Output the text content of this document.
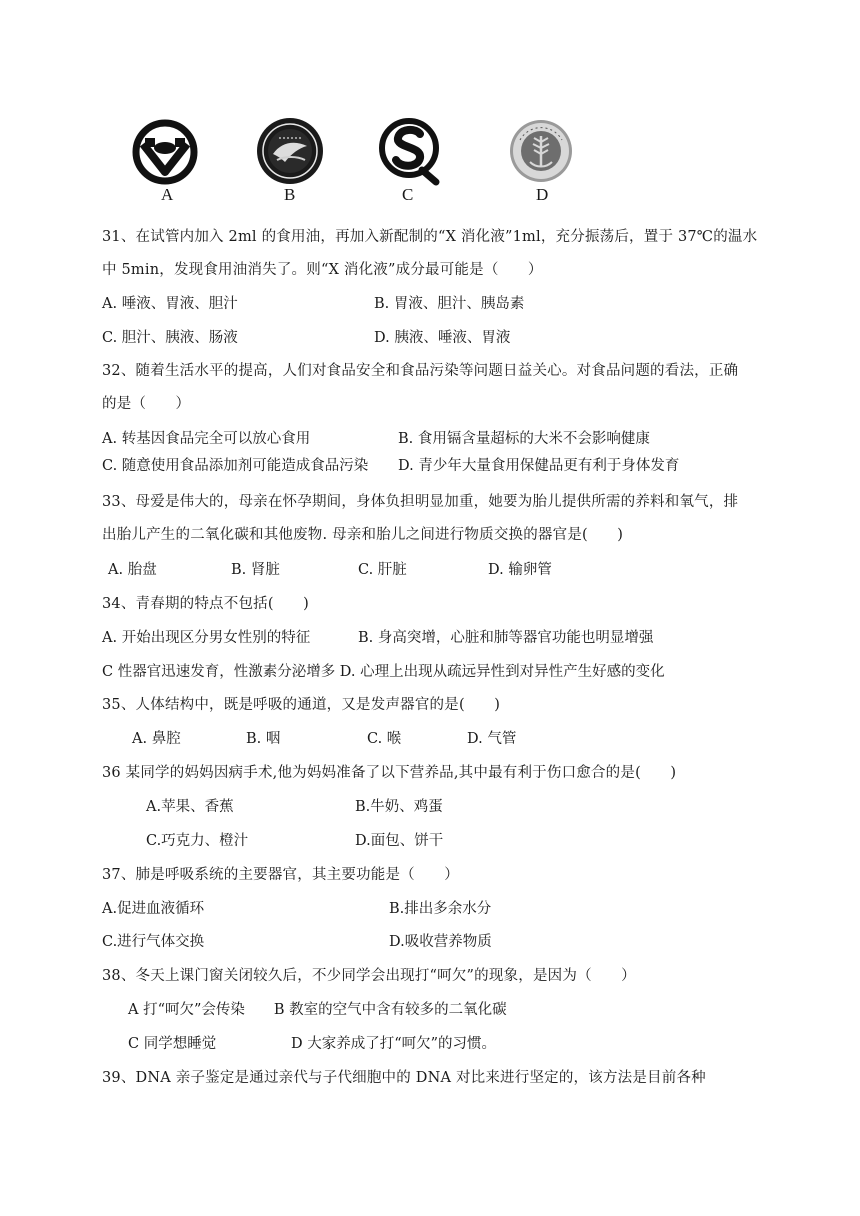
A	B	C	D
31、在试管内加入 2ml 的食用油，再加入新配制的“X 消化液”1ml，充分振荡后，置于 37℃的温水
中 5min，发现食用油消失了。则“X 消化液”成分最可能是（　　）
A. 唾液、胃液、胆汁	B. 胃液、胆汁、胰岛素
C. 胆汁、胰液、肠液	D. 胰液、唾液、胃液
32、随着生活水平的提高，人们对食品安全和食品污染等问题日益关心。对食品问题的看法，正确
的是（　　）
A. 转基因食品完全可以放心食用	B. 食用镉含量超标的大米不会影响健康
C. 随意使用食品添加剂可能造成食品污染 D. 青少年大量食用保健品更有利于身体发育
33、母爱是伟大的，母亲在怀孕期间，身体负担明显加重，她要为胎儿提供所需的养料和氧气，排
出胎儿产生的二氧化碳和其他废物. 母亲和胎儿之间进行物质交换的器官是(　　)
A. 胎盘	B. 肾脏	C. 肝脏	D. 输卵管
34、青春期的特点不包括(　　)
A. 开始出现区分男女性别的特征	B. 身高突增，心脏和肺等器官功能也明显增强
C 性器官迅速发育，性激素分泌增多 D. 心理上出现从疏远异性到对异性产生好感的变化
35、人体结构中，既是呼吸的通道，又是发声器官的是(　　)
A. 鼻腔	B. 咽	C. 喉	D. 气管
36 某同学的妈妈因病手术,他为妈妈准备了以下营养品,其中最有利于伤口愈合的是(　　)
A.苹果、香蕉	B.牛奶、鸡蛋
C.巧克力、橙汁	D.面包、饼干
37、肺是呼吸系统的主要器官，其主要功能是（　　）
A.促进血液循环	B.排出多余水分
C.进行气体交换	D.吸收营养物质
38、冬天上课门窗关闭较久后，不少同学会出现打“呵欠”的现象，是因为（　　）
A 打“呵欠”会传染　　B 教室的空气中含有较多的二氧化碳
C 同学想睡觉	D 大家养成了打“呵欠”的习惯。
39、DNA 亲子鉴定是通过亲代与子代细胞中的 DNA 对比来进行坚定的，该方法是目前各种
